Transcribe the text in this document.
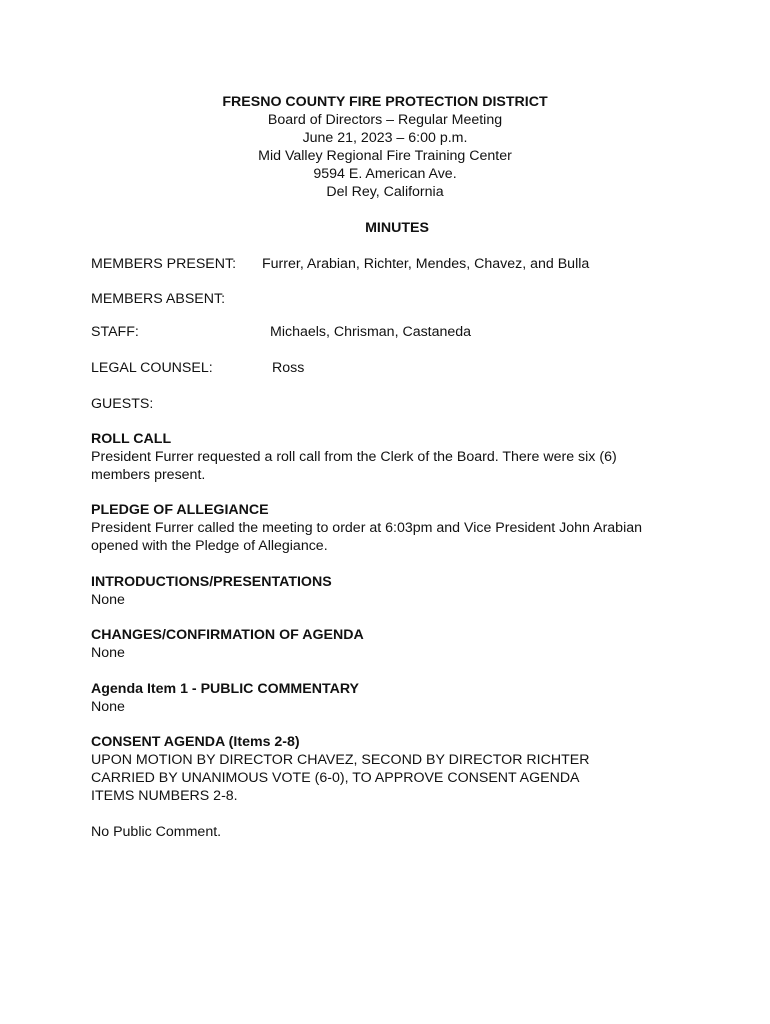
FRESNO COUNTY FIRE PROTECTION DISTRICT
Board of Directors – Regular Meeting
June 21, 2023 – 6:00 p.m.
Mid Valley Regional Fire Training Center
9594 E. American Ave.
Del Rey, California
MINUTES
MEMBERS PRESENT: Furrer, Arabian, Richter, Mendes, Chavez, and Bulla
MEMBERS ABSENT:
STAFF:	Michaels, Chrisman, Castaneda
LEGAL COUNSEL:	Ross
GUESTS:
ROLL CALL
President Furrer requested a roll call from the Clerk of the Board. There were six (6)
members present.
PLEDGE OF ALLEGIANCE
President Furrer called the meeting to order at 6:03pm and Vice President John Arabian
opened with the Pledge of Allegiance.
INTRODUCTIONS/PRESENTATIONS
None
CHANGES/CONFIRMATION OF AGENDA
None
Agenda Item 1 - PUBLIC COMMENTARY
None
CONSENT AGENDA (Items 2-8)
UPON MOTION BY DIRECTOR CHAVEZ, SECOND BY DIRECTOR RICHTER
CARRIED BY UNANIMOUS VOTE (6-0), TO APPROVE CONSENT AGENDA
ITEMS NUMBERS 2-8.
No Public Comment.
